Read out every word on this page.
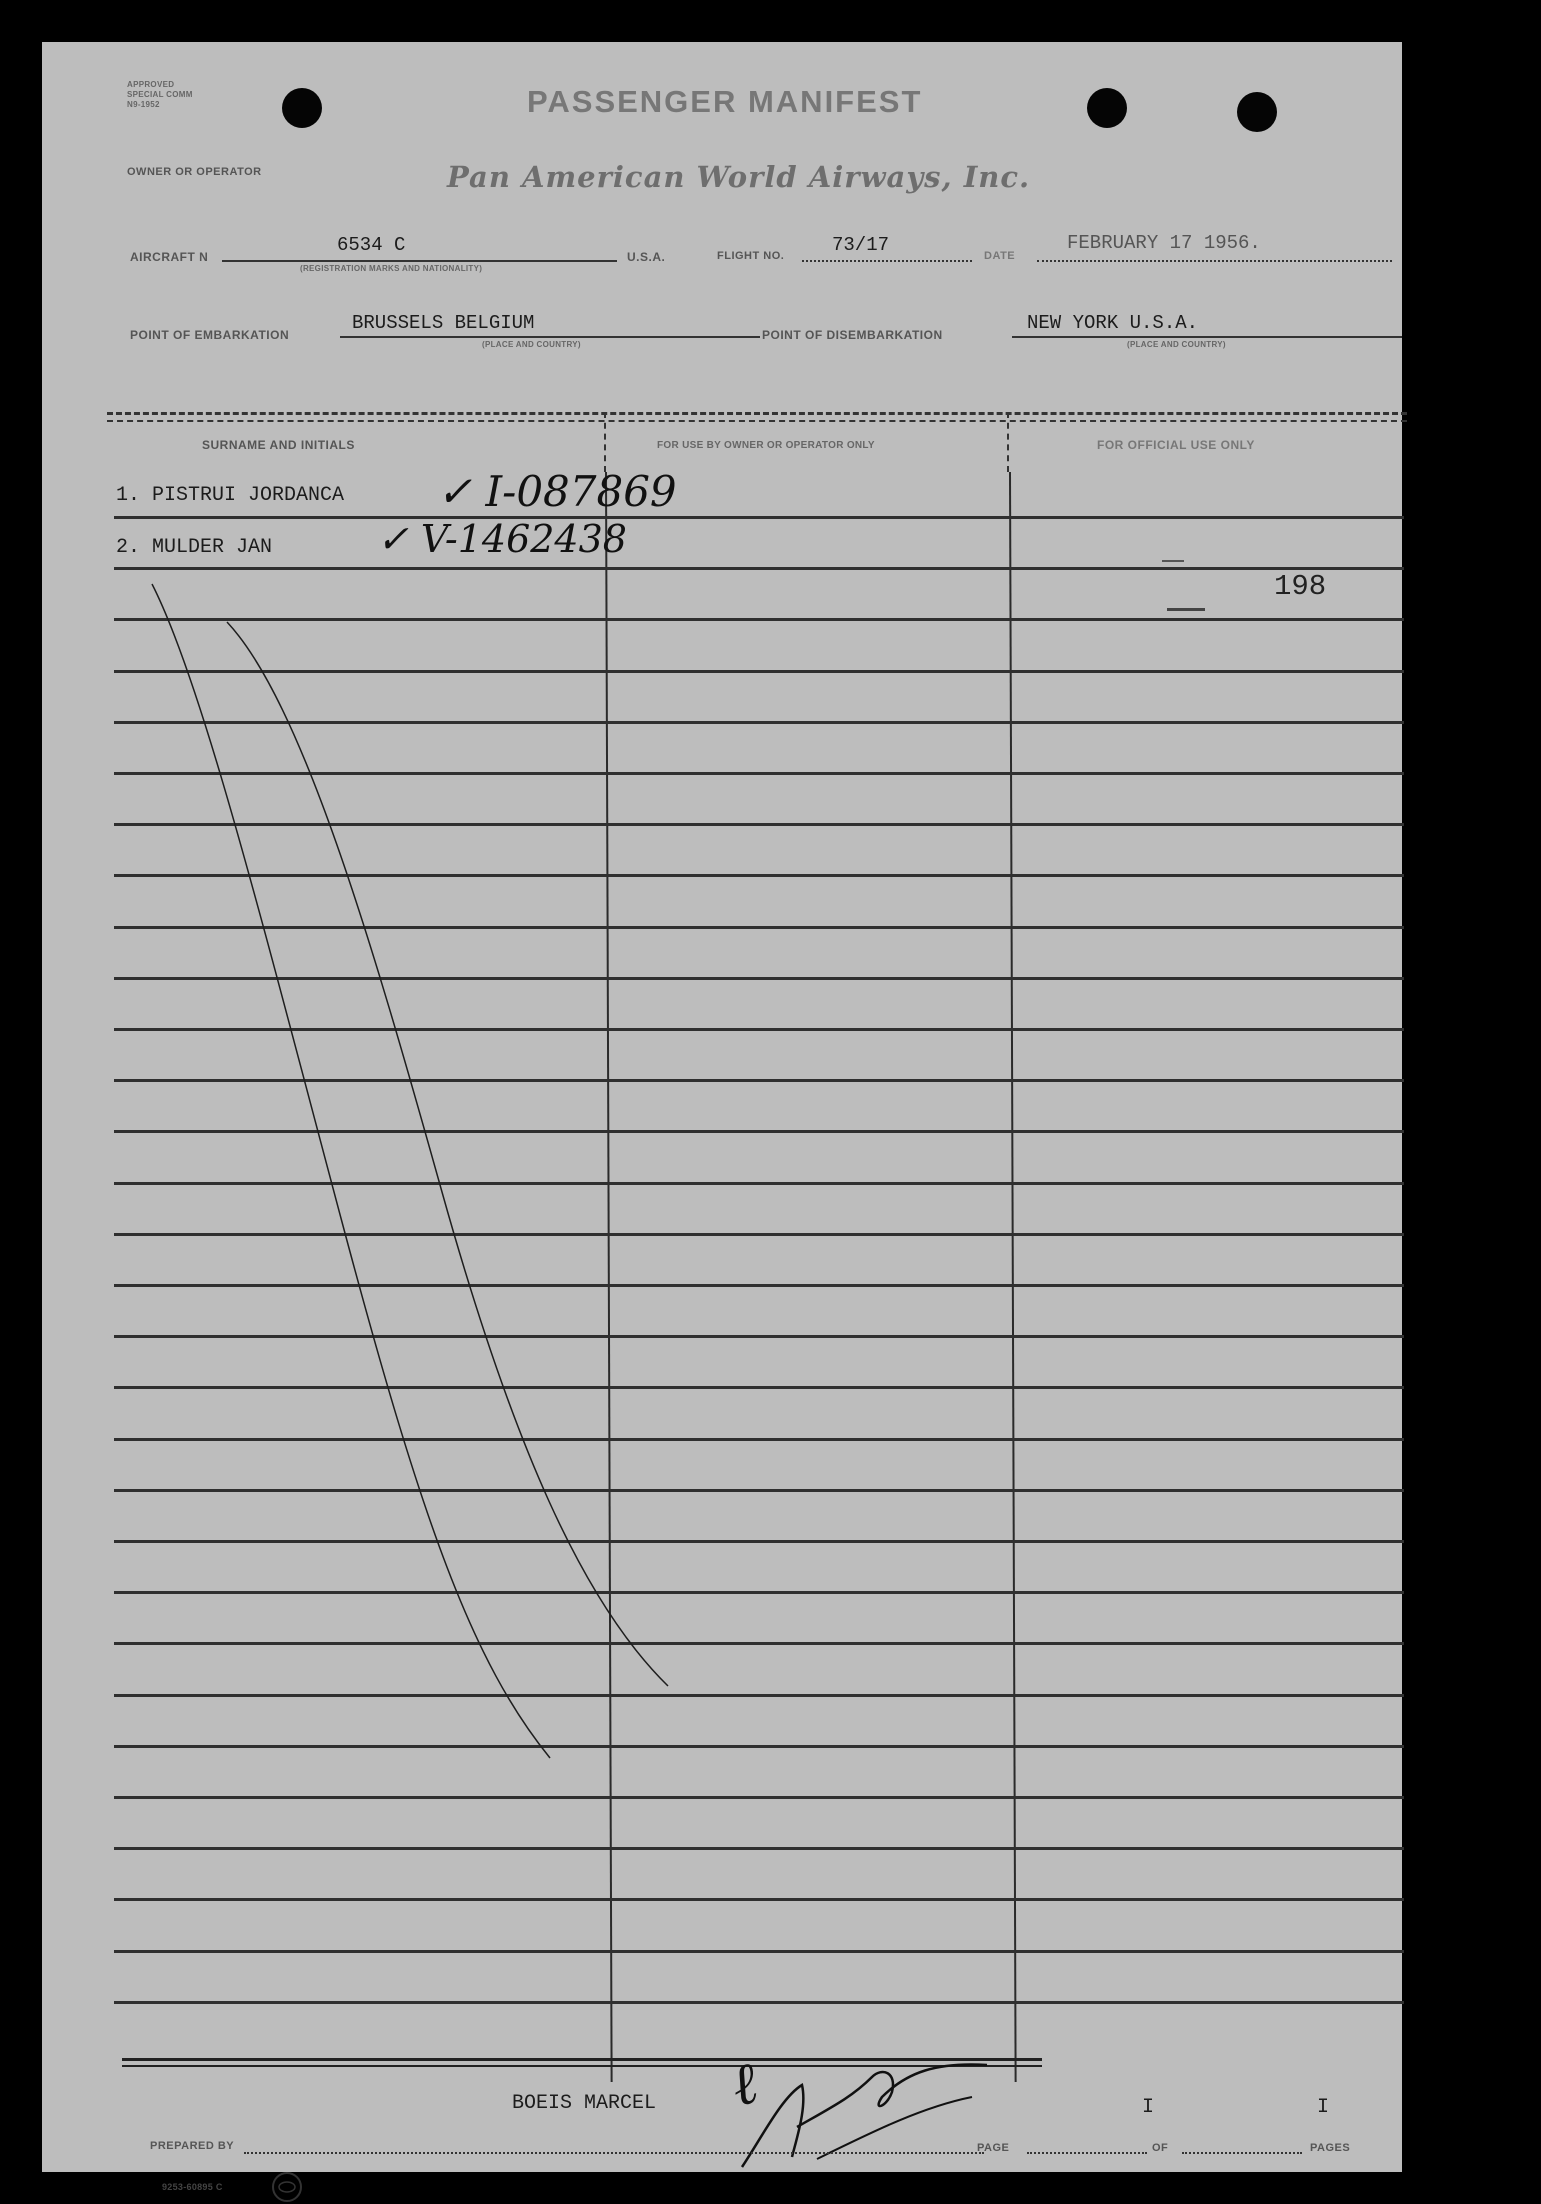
APPROVED
SPECIAL COMM
N9-1952	PASSENGER MANIFEST
OWNER OR OPERATOR	Pan American World Airways, Inc.
AIRCRAFT N
6534 C
(REGISTRATION MARKS AND NATIONALITY)
U.S.A.	FLIGHT NO.	73/17	DATE
FEBRUARY 17 1956.
POINT OF EMBARKATION
BRUSSELS BELGIUM
(PLACE AND COUNTRY)
POINT OF DISEMBARKATION
NEW YORK U.S.A.
(PLACE AND COUNTRY)
SURNAME AND INITIALS	FOR USE BY OWNER OR OPERATOR ONLY	FOR OFFICIAL USE ONLY
1. PISTRUI JORDANCA ✓ I-087869
2. MULDER JAN	✓ V-1462438
198
BOEIS MARCEL ℓ
PREPARED BY	PAGE
I
OF
I
PAGES
9253-60895 C
